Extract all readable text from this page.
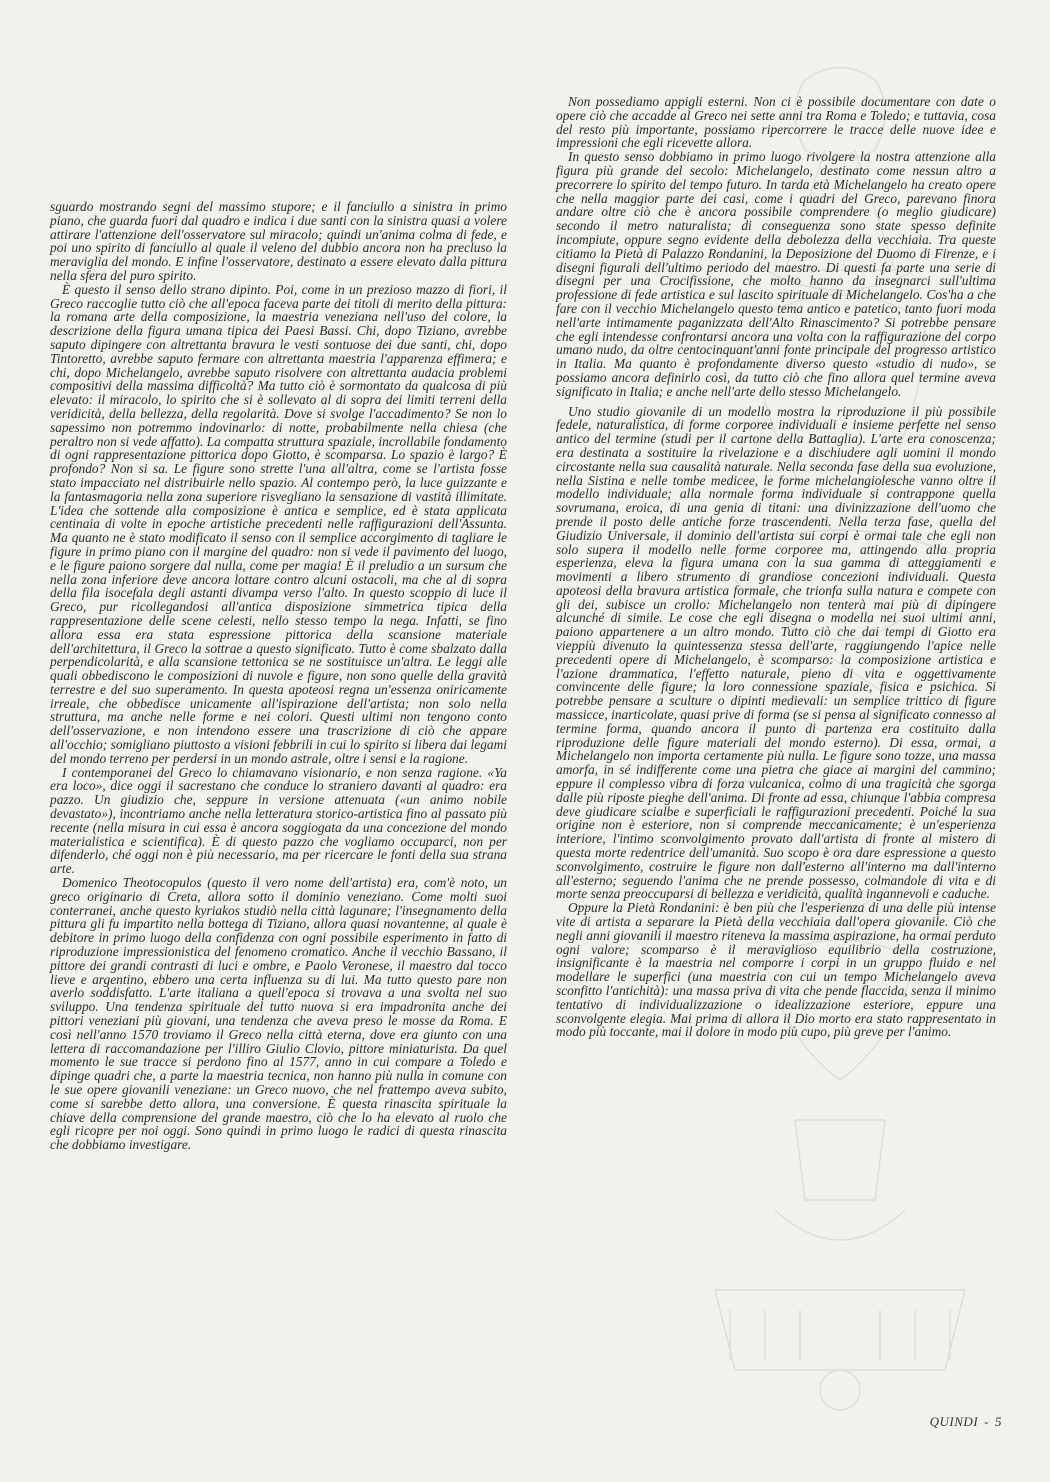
sguardo mostrando segni del massimo stupore; e il fanciullo a sinistra in primo piano, che guarda fuori dal quadro e indica i due santi con la sinistra quasi a volere attirare l'attenzione dell'osservatore sul miracolo; quindi un'anima colma di fede, e poi uno spirito di fanciullo al quale il veleno del dubbio ancora non ha precluso la meraviglia del mondo. E infine l'osservatore, destinato a essere elevato dalla pittura nella sfera del puro spirito.

È questo il senso dello strano dipinto. Poi, come in un prezioso mazzo di fiori, il Greco raccoglie tutto ciò che all'epoca faceva parte dei titoli di merito della pittura: la romana arte della composizione, la maestria veneziana nell'uso del colore, la descrizione della figura umana tipica dei Paesi Bassi. Chi, dopo Tiziano, avrebbe saputo dipingere con altrettanta bravura le vesti sontuose dei due santi, chi, dopo Tintoretto, avrebbe saputo fermare con altrettanta maestria l'apparenza effimera; e chi, dopo Michelangelo, avrebbe saputo risolvere con altrettanta audacia problemi compositivi della massima difficoltà? Ma tutto ciò è sormontato da qualcosa di più elevato: il miracolo, lo spirito che si è sollevato al di sopra dei limiti terreni della veridicità, della bellezza, della regolarità. Dove si svolge l'accadimento? Se non lo sapessimo non potremmo indovinarlo: di notte, probabilmente nella chiesa (che peraltro non si vede affatto). La compatta struttura spaziale, incrollabile fondamento di ogni rappresentazione pittorica dopo Giotto, è scomparsa. Lo spazio è largo? È profondo? Non si sa. Le figure sono strette l'una all'altra, come se l'artista fosse stato impacciato nel distribuirle nello spazio. Al contempo però, la luce guizzante e la fantasmagoria nella zona superiore risvegliano la sensazione di vastità illimitate. L'idea che sottende alla composizione è antica e semplice, ed è stata applicata centinaia di volte in epoche artistiche precedenti nelle raffigurazioni dell'Assunta. Ma quanto ne è stato modificato il senso con il semplice accorgimento di tagliare le figure in primo piano con il margine del quadro: non si vede il pavimento del luogo, e le figure paiono sorgere dal nulla, come per magia! È il preludio a un sursum che nella zona inferiore deve ancora lottare contro alcuni ostacoli, ma che al di sopra della fila isocefala degli astanti divampa verso l'alto. In questo scoppio di luce il Greco, pur ricollegandosi all'antica disposizione simmetrica tipica della rappresentazione delle scene celesti, nello stesso tempo la nega. Infatti, se fino allora essa era stata espressione pittorica della scansione materiale dell'architettura, il Greco la sottrae a questo significato. Tutto è come sbalzato dalla perpendicolarità, e alla scansione tettonica se ne sostituisce un'altra. Le leggi alle quali obbediscono le composizioni di nuvole e figure, non sono quelle della gravità terrestre e del suo superamento. In questa apoteosi regna un'essenza oniricamente irreale, che obbedisce unicamente all'ispirazione dell'artista; non solo nella struttura, ma anche nelle forme e nei colori. Questi ultimi non tengono conto dell'osservazione, e non intendono essere una trascrizione di ciò che appare all'occhio; somigliano piuttosto a visioni febbrili in cui lo spirito si libera dai legami del mondo terreno per perdersi in un mondo astrale, oltre i sensi e la ragione.

I contemporanei del Greco lo chiamavano visionario, e non senza ragione. «Ya era loco», dice oggi il sacrestano che conduce lo straniero davanti al quadro: era pazzo. Un giudizio che, seppure in versione attenuata («un animo nobile devastato»), incontriamo anche nella letteratura storico-artistica fino al passato più recente (nella misura in cui essa è ancora soggiogata da una concezione del mondo materialistica e scientifica). È di questo pazzo che vogliamo occuparci, non per difenderlo, ché oggi non è più necessario, ma per ricercare le fonti della sua strana arte.

Domenico Theotocopulos (questo il vero nome dell'artista) era, com'è noto, un greco originario di Creta, allora sotto il dominio veneziano. Come molti suoi conterranei, anche questo kyriakos studiò nella città lagunare; l'insegnamento della pittura gli fu impartito nella bottega di Tiziano, allora quasi novantenne, al quale è debitore in primo luogo della confidenza con ogni possibile esperimento in fatto di riproduzione impressionistica del fenomeno cromatico. Anche il vecchio Bassano, il pittore dei grandi contrasti di luci e ombre, e Paolo Veronese, il maestro dal tocco lieve e argentino, ebbero una certa influenza su di lui. Ma tutto questo pare non averlo soddisfatto. L'arte italiana a quell'epoca si trovava a una svolta nel suo sviluppo. Una tendenza spirituale del tutto nuova si era impadronita anche dei pittori veneziani più giovani, una tendenza che aveva preso le mosse da Roma. E così nell'anno 1570 troviamo il Greco nella città eterna, dove era giunto con una lettera di raccomandazione per l'illiro Giulio Clovio, pittore miniaturista. Da quel momento le sue tracce si perdono fino al 1577, anno in cui compare a Toledo e dipinge quadri che, a parte la maestria tecnica, non hanno più nulla in comune con le sue opere giovanili veneziane: un Greco nuovo, che nel frattempo aveva subito, come si sarebbe detto allora, una conversione. È questa rinascita spirituale la chiave della comprensione del grande maestro, ciò che lo ha elevato al ruolo che egli ricopre per noi oggi. Sono quindi in primo luogo le radici di questa rinascita che dobbiamo investigare.

Non possediamo appigli esterni. Non ci è possibile documentare con date o opere ciò che accadde al Greco nei sette anni tra Roma e Toledo; e tuttavia, cosa del resto più importante, possiamo ripercorrere le tracce delle nuove idee e impressioni che egli ricevette allora.

In questo senso dobbiamo in primo luogo rivolgere la nostra attenzione alla figura più grande del secolo: Michelangelo, destinato come nessun altro a precorrere lo spirito del tempo futuro. In tarda età Michelangelo ha creato opere che nella maggior parte dei casi, come i quadri del Greco, parevano finora andare oltre ciò che è ancora possibile comprendere (o meglio giudicare) secondo il metro naturalista; di conseguenza sono state spesso definite incompiute, oppure segno evidente della debolezza della vecchiaia. Tra queste citiamo la Pietà di Palazzo Rondanini, la Deposizione del Duomo di Firenze, e i disegni figurali dell'ultimo periodo del maestro. Di questi fa parte una serie di disegni per una Crocifissione, che molto hanno da insegnarci sull'ultima professione di fede artistica e sul lascito spirituale di Michelangelo. Cos'ha a che fare con il vecchio Michelangelo questo tema antico e patetico, tanto fuori moda nell'arte intimamente paganizzata dell'Alto Rinascimento? Si potrebbe pensare che egli intendesse confrontarsi ancora una volta con la raffigurazione del corpo umano nudo, da oltre centocinquant'anni fonte principale del progresso artistico in Italia. Ma quanto è profondamente diverso questo «studio di nudo», se possiamo ancora definirlo così, da tutto ciò che fino allora quel termine aveva significato in Italia; e anche nell'arte dello stesso Michelangelo.

Uno studio giovanile di un modello mostra la riproduzione il più possibile fedele, naturalistica, di forme corporee individuali e insieme perfette nel senso antico del termine (studi per il cartone della Battaglia). L'arte era conoscenza; era destinata a sostituire la rivelazione e a dischiudere agli uomini il mondo circostante nella sua causalità naturale. Nella seconda fase della sua evoluzione, nella Sistina e nelle tombe medicee, le forme michelangiolesche vanno oltre il modello individuale; alla normale forma individuale si contrappone quella sovrumana, eroica, di una genia di titani: una divinizzazione dell'uomo che prende il posto delle antiche forze trascendenti. Nella terza fase, quella del Giudizio Universale, il dominio dell'artista sui corpi è ormai tale che egli non solo supera il modello nelle forme corporee ma, attingendo alla propria esperienza, eleva la figura umana con la sua gamma di atteggiamenti e movimenti a libero strumento di grandiose concezioni individuali. Questa apoteosi della bravura artistica formale, che trionfa sulla natura e compete con gli dei, subisce un crollo: Michelangelo non tenterà mai più di dipingere alcunché di simile. Le cose che egli disegna o modella nei suoi ultimi anni, paiono appartenere a un altro mondo. Tutto ciò che dai tempi di Giotto era vieppiù divenuto la quintessenza stessa dell'arte, raggiungendo l'apice nelle precedenti opere di Michelangelo, è scomparso: la composizione artistica e l'azione drammatica, l'effetto naturale, pieno di vita e oggettivamente convincente delle figure; la loro connessione spaziale, fisica e psichica. Si potrebbe pensare a sculture o dipinti medievali: un semplice trittico di figure massicce, inarticolate, quasi prive di forma (se si pensa al significato connesso al termine forma, quando ancora il punto di partenza era costituito dalla riproduzione delle figure materiali del mondo esterno). Di essa, ormai, a Michelangelo non importa certamente più nulla. Le figure sono tozze, una massa amorfa, in sé indifferente come una pietra che giace ai margini del cammino; eppure il complesso vibra di forza vulcanica, colmo di una tragicità che sgorga dalle più riposte pieghe dell'anima. Di fronte ad essa, chiunque l'abbia compresa deve giudicare scialbe e superficiali le raffigurazioni precedenti. Poiché la sua origine non è esteriore, non si comprende meccanicamente; è un'esperienza interiore, l'intimo sconvolgimento provato dall'artista di fronte al mistero di questa morte redentrice dell'umanità. Suo scopo è ora dare espressione a questo sconvolgimento, costruire le figure non dall'esterno all'interno ma dall'interno all'esterno; seguendo l'anima che ne prende possesso, colmandole di vita e di morte senza preoccuparsi di bellezza e veridicità, qualità ingannevoli e caduche.

Oppure la Pietà Rondanini: è ben più che l'esperienza di una delle più intense vite di artista a separare la Pietà della vecchiaia dall'opera giovanile. Ciò che negli anni giovanili il maestro riteneva la massima aspirazione, ha ormai perduto ogni valore; scomparso è il meraviglioso equilibrio della costruzione, insignificante è la maestria nel comporre i corpi in un gruppo fluido e nel modellare le superfici (una maestria con cui un tempo Michelangelo aveva sconfitto l'antichità): una massa priva di vita che pende flaccida, senza il minimo tentativo di individualizzazione o idealizzazione esteriore, eppure una sconvolgente elegia. Mai prima di allora il Dio morto era stato rappresentato in modo più toccante, mai il dolore in modo più cupo, più greve per l'animo.

QUINDI - 5
